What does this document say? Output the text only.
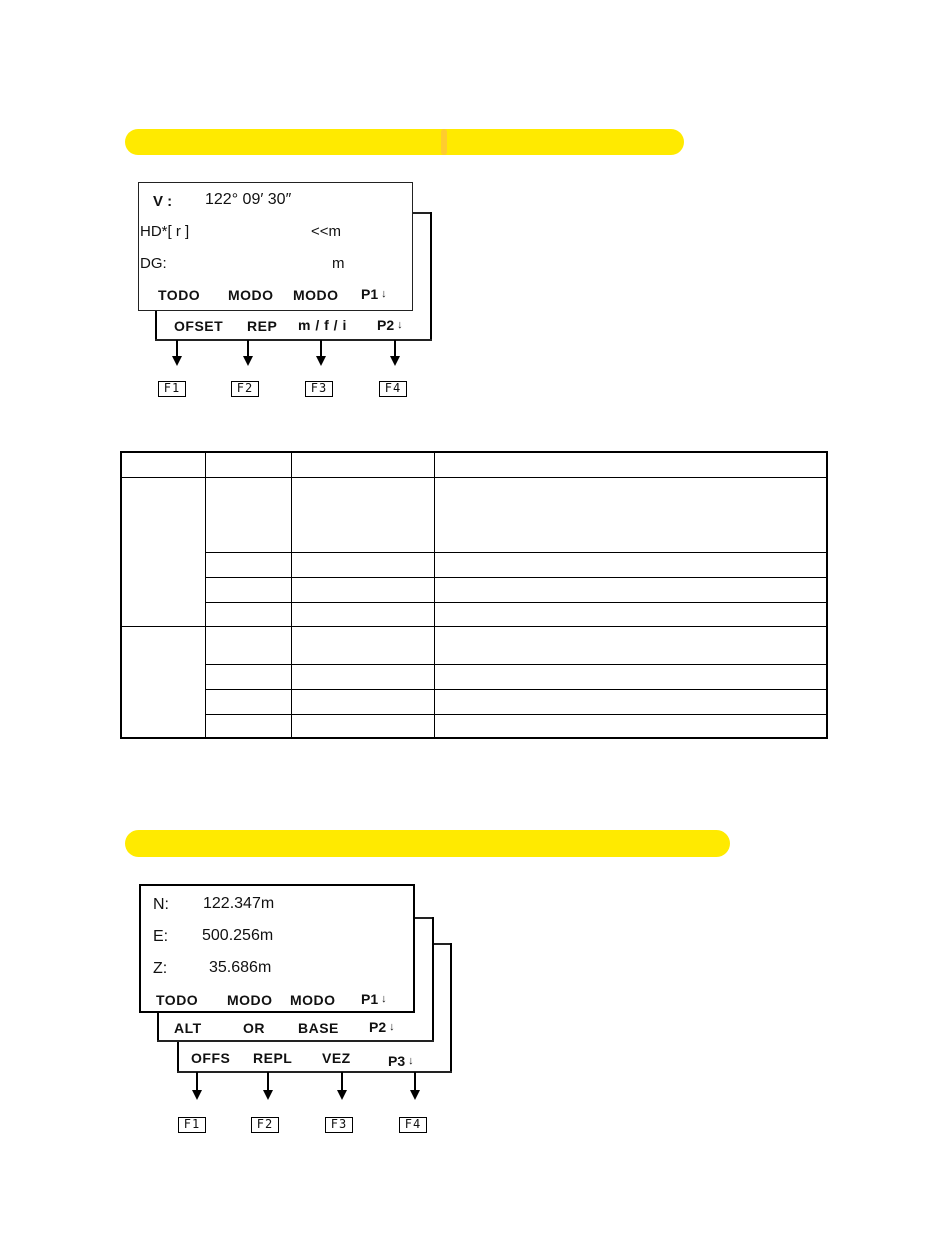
V : 122° 09′ 30″
HD*[ r ]	<<m
DG:	m
TODO MODO MODO P1 ↓
OFSET REP m / f / i P2 ↓
F1	F2	F3	F4

N: 122.347m
E: 500.256m
Z:	35.686m
TODO MODO MODO P1 ↓
ALT	OR BASE P2 ↓
OFFS REPL VEZ	P3 ↓
F1	F2	F3	F4
